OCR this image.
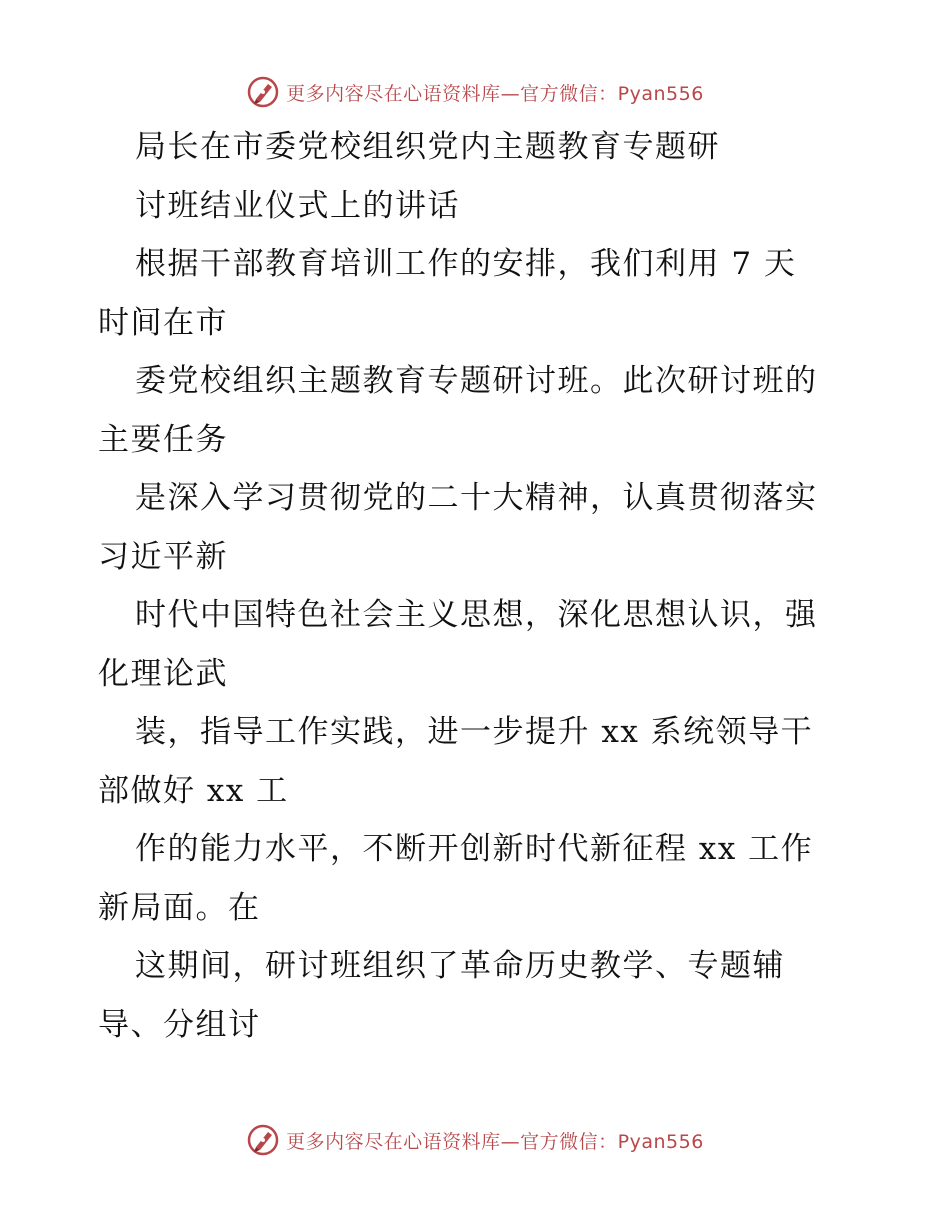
更多内容尽在心语资料库—官方微信：Pyan556
局长在市委党校组织党内主题教育专题研
讨班结业仪式上的讲话
根据干部教育培训工作的安排，我们利用 7 天
时间在市
委党校组织主题教育专题研讨班。此次研讨班的
主要任务
是深入学习贯彻党的二十大精神，认真贯彻落实
习近平新
时代中国特色社会主义思想，深化思想认识，强
化理论武
装，指导工作实践，进一步提升 xx 系统领导干
部做好 xx 工
作的能力水平，不断开创新时代新征程 xx 工作
新局面。在
这期间，研讨班组织了革命历史教学、专题辅
导、分组讨
更多内容尽在心语资料库—官方微信：Pyan556
